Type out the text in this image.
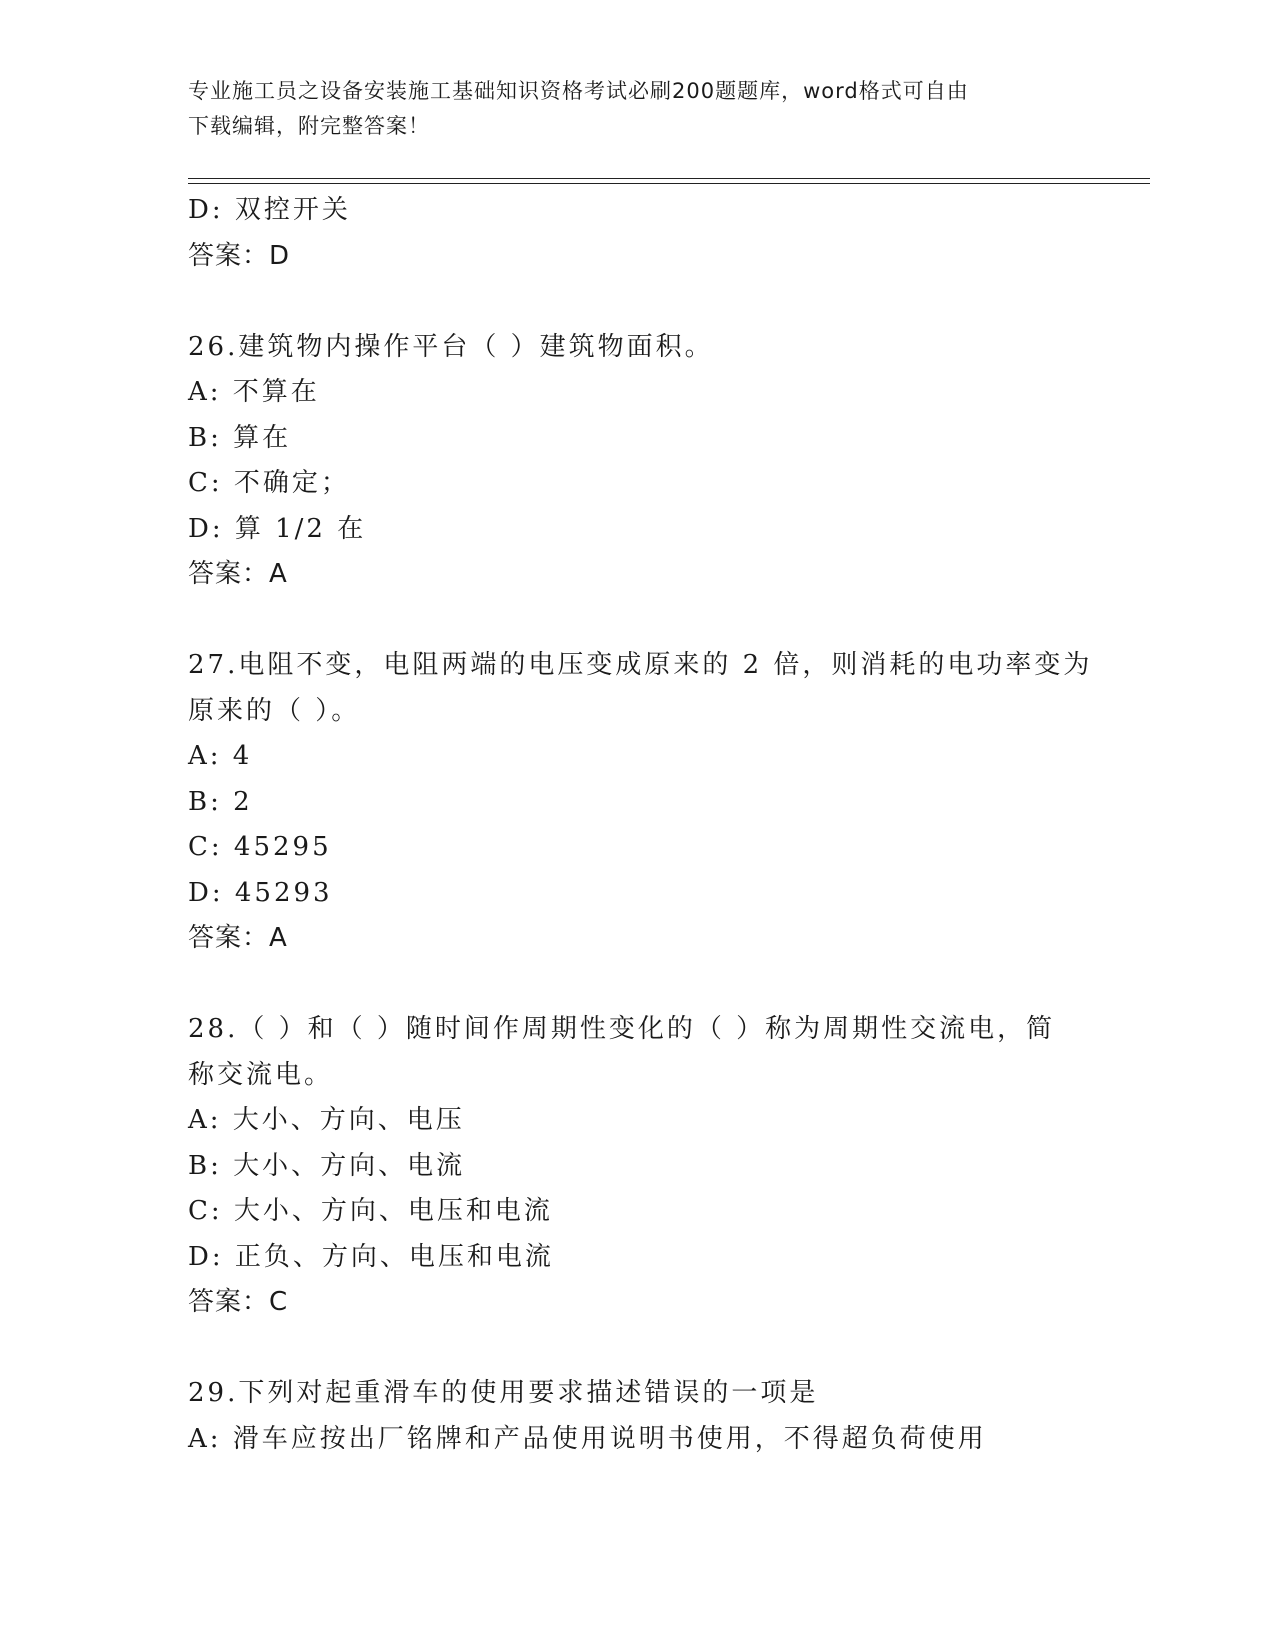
专业施工员之设备安装施工基础知识资格考试必刷200题题库，word格式可自由
下载编辑，附完整答案！
D: 双控开关
答案：D
26.建筑物内操作平台（ ）建筑物面积。
A: 不算在
B: 算在
C: 不确定；
D: 算 1/2 在
答案：A
27.电阻不变，电阻两端的电压变成原来的 2 倍，则消耗的电功率变为
原来的（ ）。
A: 4
B: 2
C: 45295
D: 45293
答案：A
28.（ ）和（ ）随时间作周期性变化的（ ）称为周期性交流电，简
称交流电。
A: 大小、方向、电压
B: 大小、方向、电流
C: 大小、方向、电压和电流
D: 正负、方向、电压和电流
答案：C
29.下列对起重滑车的使用要求描述错误的一项是
A: 滑车应按出厂铭牌和产品使用说明书使用，不得超负荷使用
